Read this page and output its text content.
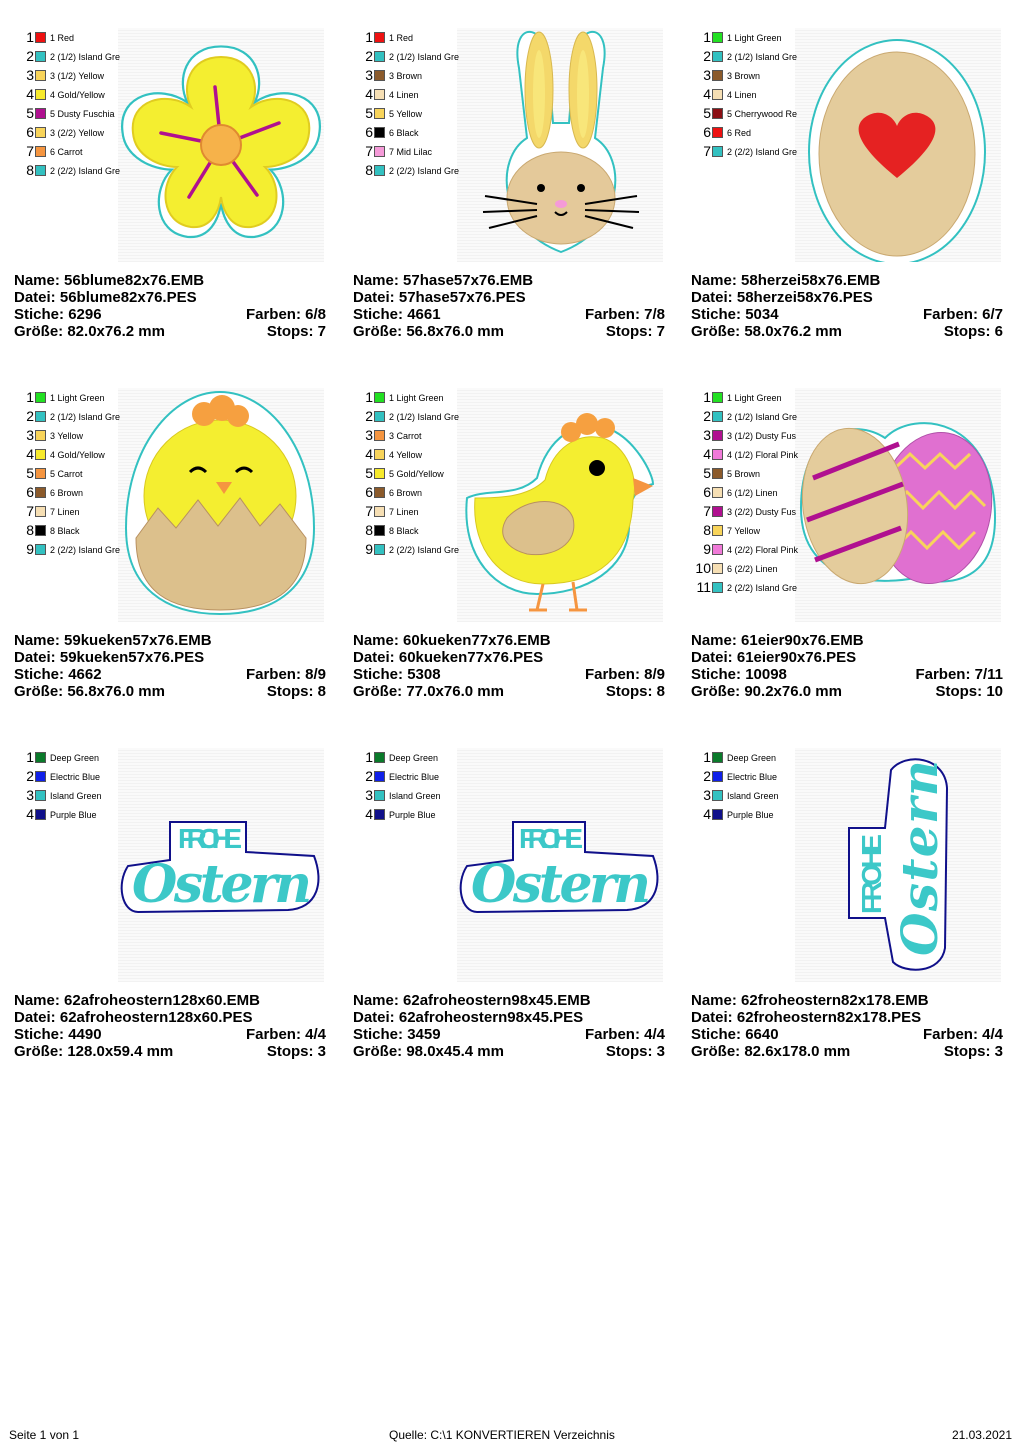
1 1 Red
2 2 (1/2) Island Gre
3 3 (1/2) Yellow
4 4 Gold/Yellow
5 5 Dusty Fuschia
6 3 (2/2) Yellow
7 6 Carrot
8 2 (2/2) Island Gre
Name: 56blume82x76.EMB
Datei: 56blume82x76.PES
Stiche: 6296	Farben: 6/8
Größe: 82.0x76.2 mm	Stops: 7
1 1 Red
2 2 (1/2) Island Gre
3 3 Brown
4 4 Linen
5 5 Yellow
6 6 Black
7 7 Mid Lilac
8 2 (2/2) Island Gre
Name: 57hase57x76.EMB
Datei: 57hase57x76.PES
Stiche: 4661	Farben: 7/8
Größe: 56.8x76.0 mm	Stops: 7
1 1 Light Green
2 2 (1/2) Island Gre
3 3 Brown
4 4 Linen
5 5 Cherrywood Re
6 6 Red
7 2 (2/2) Island Gre
Name: 58herzei58x76.EMB
Datei: 58herzei58x76.PES
Stiche: 5034	Farben: 6/7
Größe: 58.0x76.2 mm	Stops: 6
1 1 Light Green
2 2 (1/2) Island Gre
3 3 Yellow
4 4 Gold/Yellow
5 5 Carrot
6 6 Brown
7 7 Linen
8 8 Black
9 2 (2/2) Island Gre
Name: 59kueken57x76.EMB
Datei: 59kueken57x76.PES
Stiche: 4662	Farben: 8/9
Größe: 56.8x76.0 mm	Stops: 8
1 1 Light Green
2 2 (1/2) Island Gre
3 3 Carrot
4 4 Yellow
5 5 Gold/Yellow
6 6 Brown
7 7 Linen
8 8 Black
9 2 (2/2) Island Gre
Name: 60kueken77x76.EMB
Datei: 60kueken77x76.PES
Stiche: 5308	Farben: 8/9
Größe: 77.0x76.0 mm	Stops: 8
1 1 Light Green
2 2 (1/2) Island Gre
3 3 (1/2) Dusty Fus
4 4 (1/2) Floral Pink
5 5 Brown
6 6 (1/2) Linen
7 3 (2/2) Dusty Fus
8 7 Yellow
9 4 (2/2) Floral Pink
10 6 (2/2) Linen
11 2 (2/2) Island Gre
Name: 61eier90x76.EMB
Datei: 61eier90x76.PES
Stiche: 10098	Farben: 7/11
Größe: 90.2x76.0 mm	Stops: 10
FROHE
Ostern
1 Deep Green
2 Electric Blue
3 Island Green
4 Purple Blue
Name: 62afroheostern128x60.EMB
Datei: 62afroheostern128x60.PES
Stiche: 4490	Farben: 4/4
Größe: 128.0x59.4 mm	Stops: 3
FROHE
Ostern
1 Deep Green
2 Electric Blue
3 Island Green
4 Purple Blue
Name: 62afroheostern98x45.EMB
Datei: 62afroheostern98x45.PES
Stiche: 3459	Farben: 4/4
Größe: 98.0x45.4 mm	Stops: 3
FROHE
Ostern
1 Deep Green
2 Electric Blue
3 Island Green
4 Purple Blue
Name: 62froheostern82x178.EMB
Datei: 62froheostern82x178.PES
Stiche: 6640	Farben: 4/4
Größe: 82.6x178.0 mm	Stops: 3
Seite 1 von 1	Quelle: C:\1 KONVERTIEREN Verzeichnis	21.03.2021
